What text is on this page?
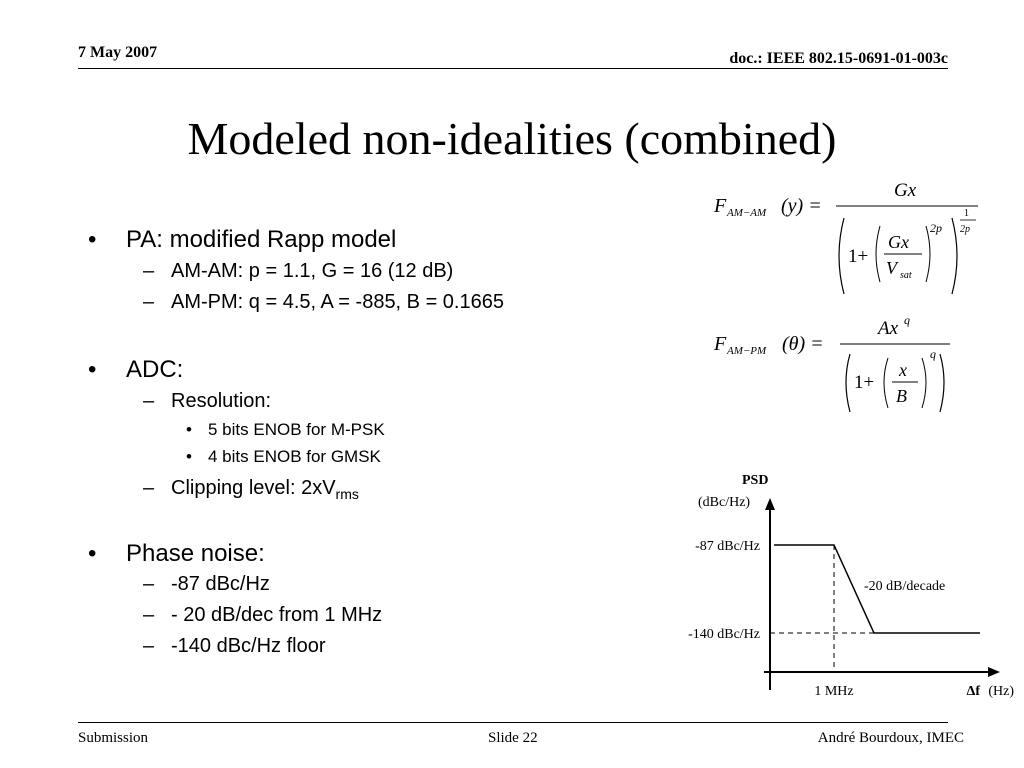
7 May 2007	doc.: IEEE 802.15-0691-01-003c
Modeled non-idealities (combined)
• PA: modified Rapp model
– AM-AM: p = 1.1, G = 16 (12 dB)
– AM-PM: q = 4.5, A = -885, B = 0.1665
• ADC:
– Resolution:
• 5 bits ENOB for M-PSK
• 4 bits ENOB for GMSK
– Clipping level: $2xV_{rms}$
• Phase noise:
– -87 dBc/Hz
– - 20 dB/dec from 1 MHz
– -140 dBc/Hz floor
F AM−AM (y) =
Gx
1+
Gx
V sat
2p
1
2p
F AM−PM (θ) =
Ax q
1+
x
B
q
PSD
(dBc/Hz)
-87 dBc/Hz
-140 dBc/Hz
-20 dB/decade
1 MHz	Δf (Hz)
Submission	Slide 22	André Bourdoux, IMEC
